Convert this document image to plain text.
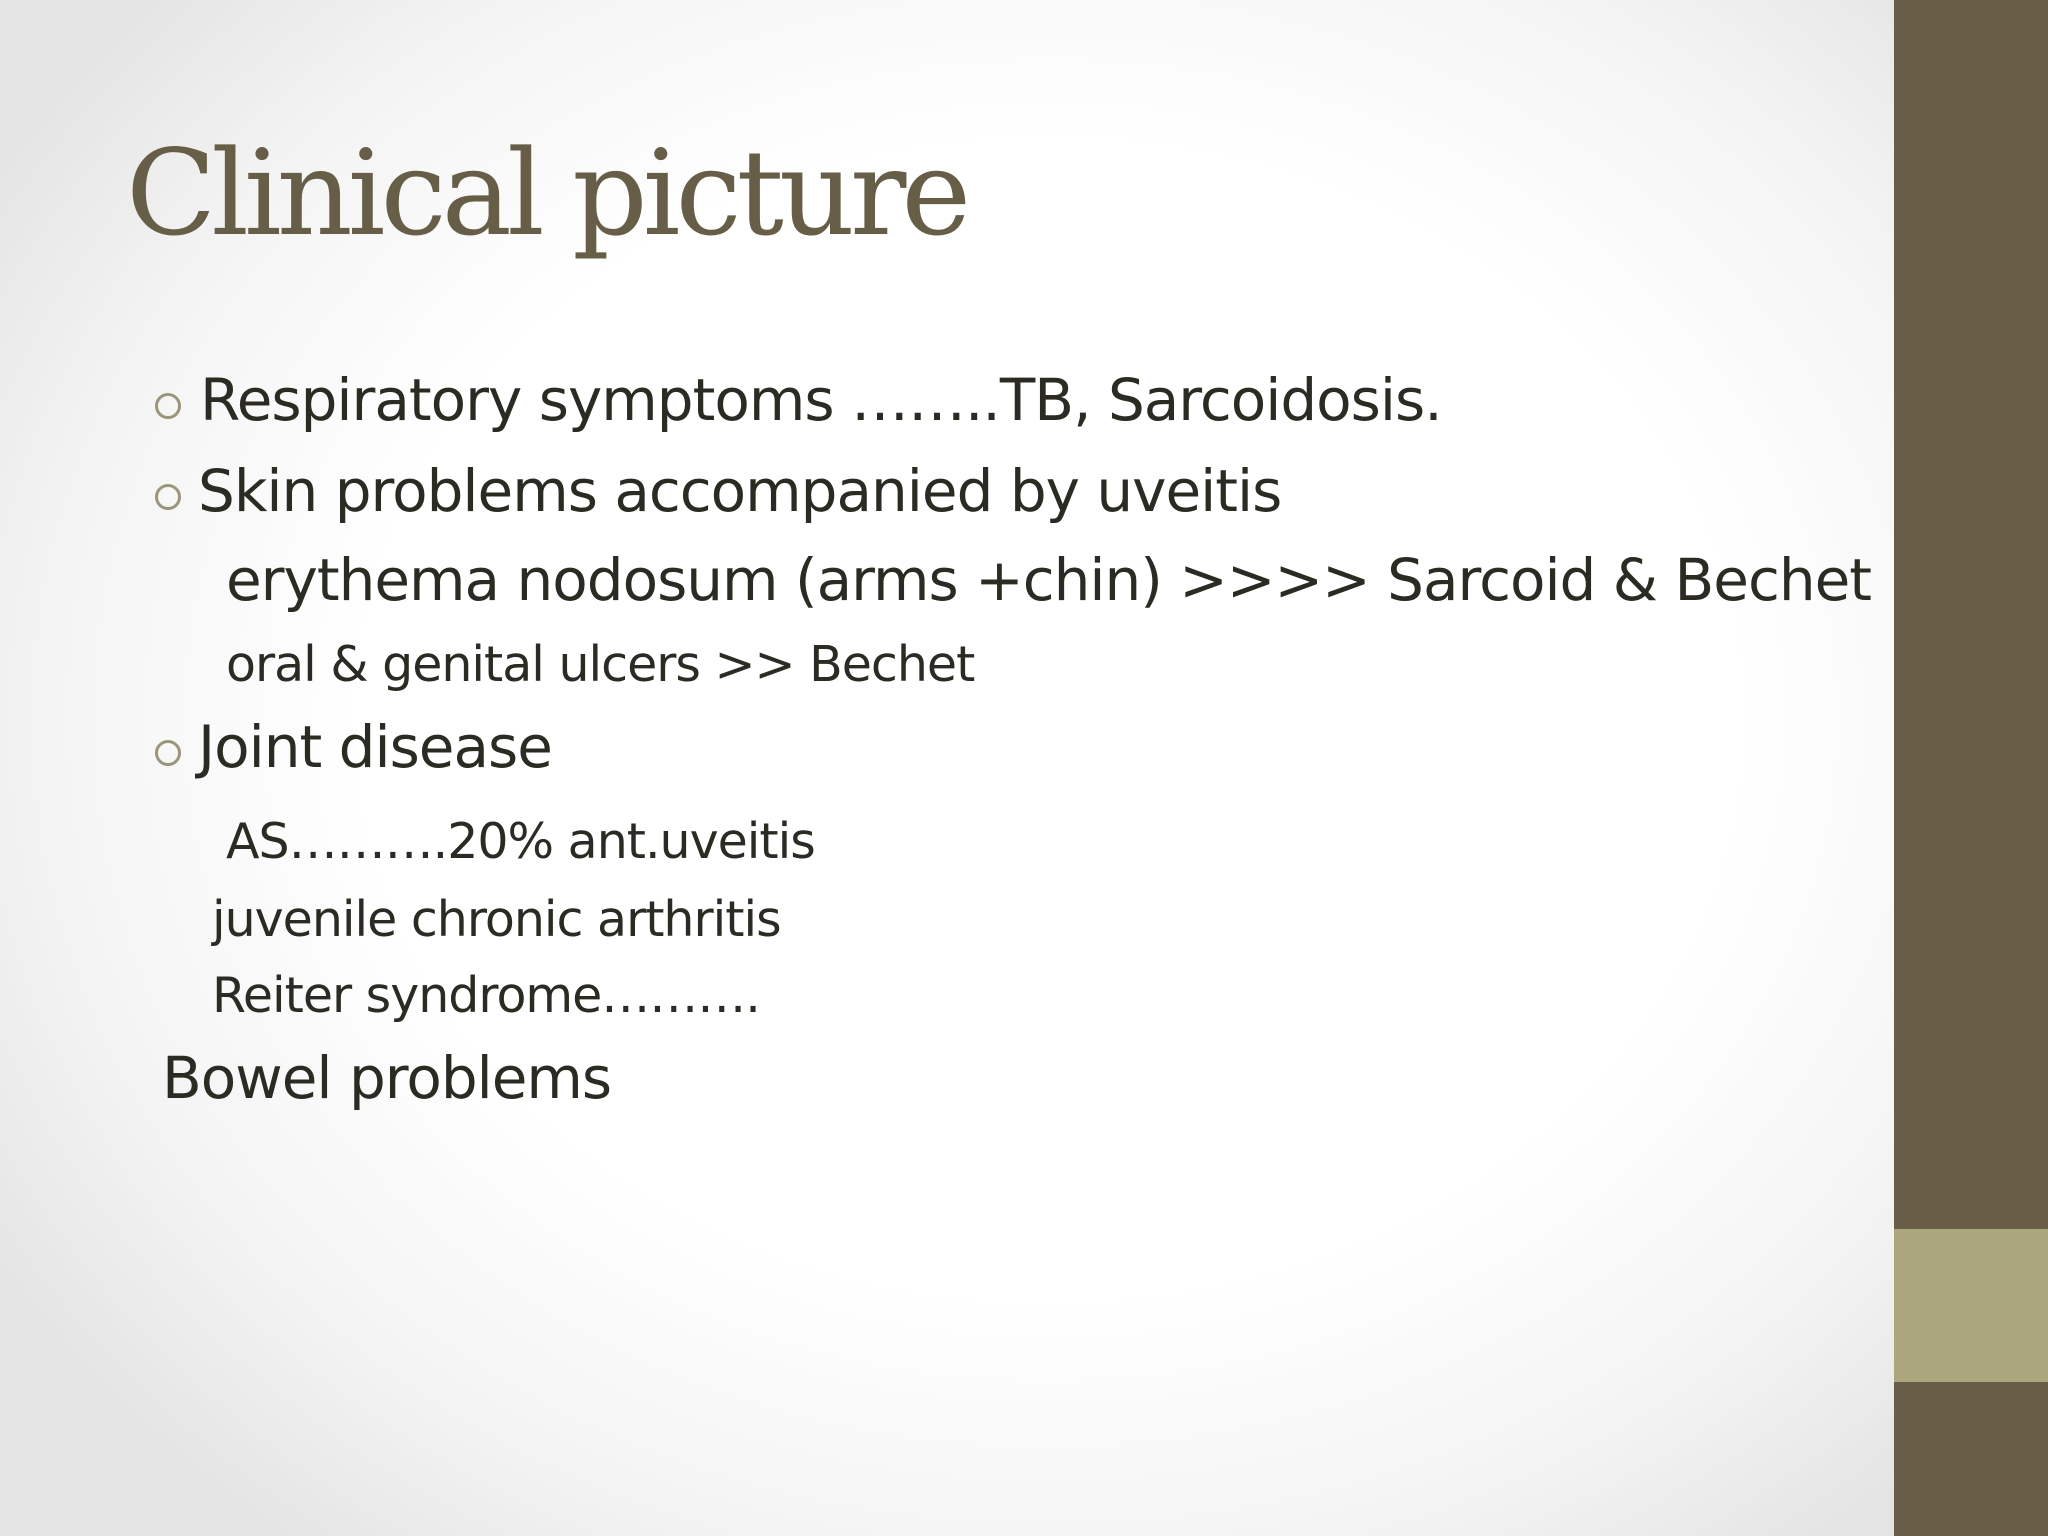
Clinical picture

Respiratory symptoms ……..TB, Sarcoidosis.

Skin problems accompanied by uveitis

erythema nodosum (arms +chin) >>>> Sarcoid & Bechet

oral & genital ulcers >> Bechet

Joint disease

AS……….20% ant.uveitis

juvenile chronic arthritis

Reiter syndrome……….

Bowel problems
